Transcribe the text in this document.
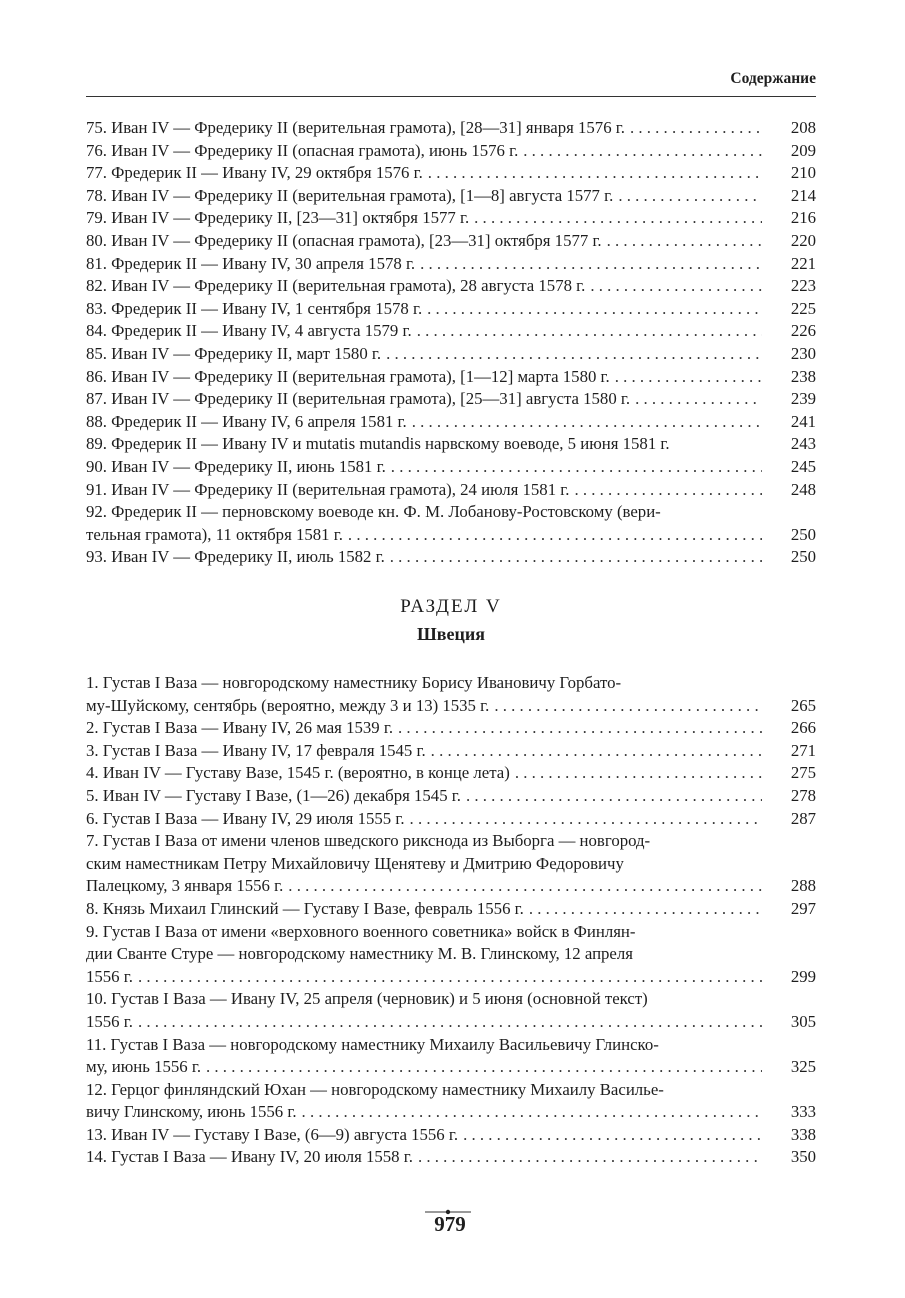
Содержание
75. Иван IV — Фредерику II (верительная грамота), [28—31] января 1576 г. . . .	208
76. Иван IV — Фредерику II (опасная грамота), июнь 1576 г. . . .	209
77. Фредерик II — Ивану IV, 29 октября 1576 г. . . .	210
78. Иван IV — Фредерику II (верительная грамота), [1—8] августа 1577 г. . . .	214
79. Иван IV — Фредерику II, [23—31] октября 1577 г. . . .	216
80. Иван IV — Фредерику II (опасная грамота), [23—31] октября 1577 г. . . .	220
81. Фредерик II — Ивану IV, 30 апреля 1578 г. . . .	221
82. Иван IV — Фредерику II (верительная грамота), 28 августа 1578 г. . . .	223
83. Фредерик II — Ивану IV, 1 сентября 1578 г. . . .	225
84. Фредерик II — Ивану IV, 4 августа 1579 г. . . .	226
85. Иван IV — Фредерику II, март 1580 г. . . .	230
86. Иван IV — Фредерику II (верительная грамота), [1—12] марта 1580 г. . . .	238
87. Иван IV — Фредерику II (верительная грамота), [25—31] августа 1580 г. . . .	239
88. Фредерик II — Ивану IV, 6 апреля 1581 г. . . .	241
89. Фредерик II — Ивану IV и mutatis mutandis нарвскому воеводе, 5 июня 1581 г.	243
90. Иван IV — Фредерику II, июнь 1581 г. . . .	245
91. Иван IV — Фредерику II (верительная грамота), 24 июля 1581 г. . . .	248
92. Фредерик II — перновскому воеводе кн. Ф. М. Лобанову-Ростовскому (вери-
тельная грамота), 11 октября 1581 г. . . .	250
93. Иван IV — Фредерику II, июль 1582 г. . . .	250
РАЗДЕЛ V
Швеция
1. Густав I Ваза — новгородскому наместнику Борису Ивановичу Горбато-
му-Шуйскому, сентябрь (вероятно, между 3 и 13) 1535 г. . . .	265
2. Густав I Ваза — Ивану IV, 26 мая 1539 г. . . .	266
3. Густав I Ваза — Ивану IV, 17 февраля 1545 г. . . .	271
4. Иван IV — Густаву Вазе, 1545 г. (вероятно, в конце лета) . . .	275
5. Иван IV — Густаву I Вазе, (1—26) декабря 1545 г. . . .	278
6. Густав I Ваза — Ивану IV, 29 июля 1555 г. . . .	287
7. Густав I Ваза от имени членов шведского рикснода из Выборга — новгород-
ским наместникам Петру Михайловичу Щенятеву и Дмитрию Федоровичу
Палецкому, 3 января 1556 г. . . .	288
8. Князь Михаил Глинский — Густаву I Вазе, февраль 1556 г. . . .	297
9. Густав I Ваза от имени «верховного военного советника» войск в Финлян-
дии Сванте Стуре — новгородскому наместнику М. В. Глинскому, 12 апреля
1556 г. . . .	299
10. Густав I Ваза — Ивану IV, 25 апреля (черновик) и 5 июня (основной текст)
1556 г. . . .	305
11. Густав I Ваза — новгородскому наместнику Михаилу Васильевичу Глинско-
му, июнь 1556 г. . . .	325
12. Герцог финляндский Юхан — новгородскому наместнику Михаилу Василье-
вичу Глинскому, июнь 1556 г. . . .	333
13. Иван IV — Густаву I Вазе, (6—9) августа 1556 г. . . .	338
14. Густав I Ваза — Ивану IV, 20 июля 1558 г. . . .	350
979
